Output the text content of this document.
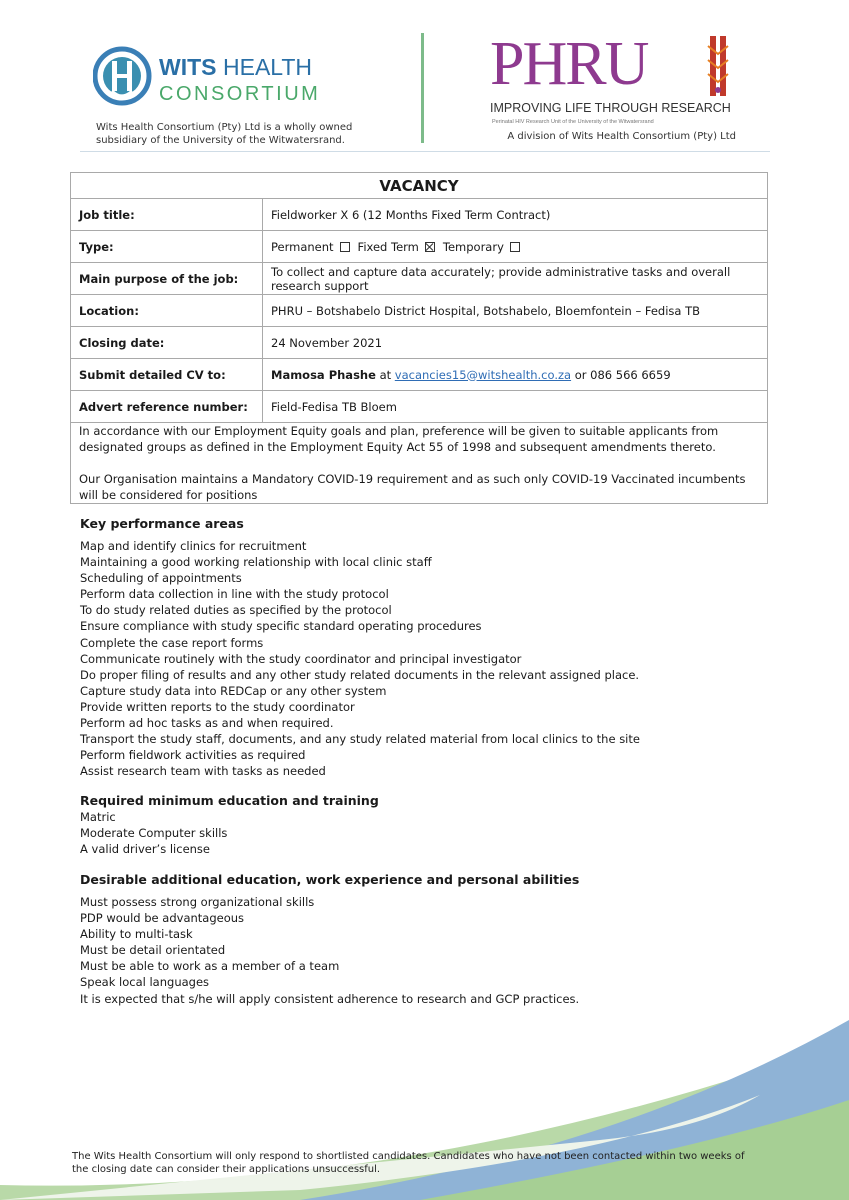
WITS HEALTH
CONSORTIUM
Wits Health Consortium (Pty) Ltd is a wholly owned
subsidiary of the University of the Witwatersrand.
PHRU
IMPROVING LIFE THROUGH RESEARCH
Perinatal HIV Research Unit of the University of the Witwatersrand
A division of Wits Health Consortium (Pty) Ltd
VACANCY	
Job title:	Fieldworker X 6 (12 Months Fixed Term Contract)
Type:	Permanent Fixed Term Temporary
Main purpose of the job:	To collect and capture data accurately; provide administrative tasks and overall research support
Location:	PHRU – Botshabelo District Hospital, Botshabelo, Bloemfontein – Fedisa TB
Closing date:	24 November 2021
Submit detailed CV to:	Mamosa Phashe at vacancies15@witshealth.co.za or 086 566 6659
Advert reference number:	Field-Fedisa TB Bloem

In accordance with our Employment Equity goals and plan, preference will be given to suitable applicants from designated groups as defined in the Employment Equity Act 55 of 1998 and subsequent amendments thereto.

Our Organisation maintains a Mandatory COVID-19 requirement and as such only COVID-19 Vaccinated incumbents will be considered for positions	

Key performance areas
Map and identify clinics for recruitment
Maintaining a good working relationship with local clinic staff
Scheduling of appointments
Perform data collection in line with the study protocol
To do study related duties as specified by the protocol
Ensure compliance with study specific standard operating procedures
Complete the case report forms
Communicate routinely with the study coordinator and principal investigator
Do proper filing of results and any other study related documents in the relevant assigned place.
Capture study data into REDCap or any other system
Provide written reports to the study coordinator
Perform ad hoc tasks as and when required.
Transport the study staff, documents, and any study related material from local clinics to the site
Perform fieldwork activities as required
Assist research team with tasks as needed
Required minimum education and training
Matric
Moderate Computer skills
A valid driver’s license
Desirable additional education, work experience and personal abilities
Must possess strong organizational skills
PDP would be advantageous
Ability to multi-task
Must be detail orientated
Must be able to work as a member of a team
Speak local languages
It is expected that s/he will apply consistent adherence to research and GCP practices.
The Wits Health Consortium will only respond to shortlisted candidates. Candidates who have not been contacted within two weeks of the closing date can consider their applications unsuccessful.
